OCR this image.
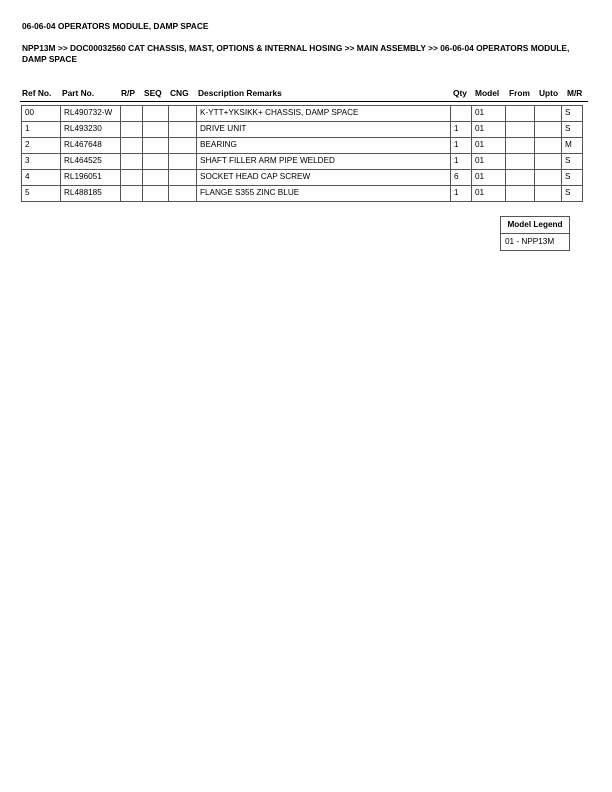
06-06-04 OPERATORS MODULE, DAMP SPACE
NPP13M >> DOC00032560 CAT CHASSIS, MAST, OPTIONS & INTERNAL HOSING >> MAIN ASSEMBLY >> 06-06-04 OPERATORS MODULE, DAMP SPACE
Ref No. Part No.	R/P SEQ CNG Description Remarks	Qty Model From Upto M/R
00	RL490732-W				K-YTT+YKSIKK+ CHASSIS, DAMP SPACE		01			S
1	RL493230				DRIVE UNIT	1	01			S
2	RL467648				BEARING	1	01			M
3	RL464525				SHAFT FILLER ARM PIPE WELDED	1	01			S
4	RL196051				SOCKET HEAD CAP SCREW	6	01			S
5	RL488185				FLANGE S355 ZINC BLUE	1	01			S
Model Legend
01 - NPP13M
